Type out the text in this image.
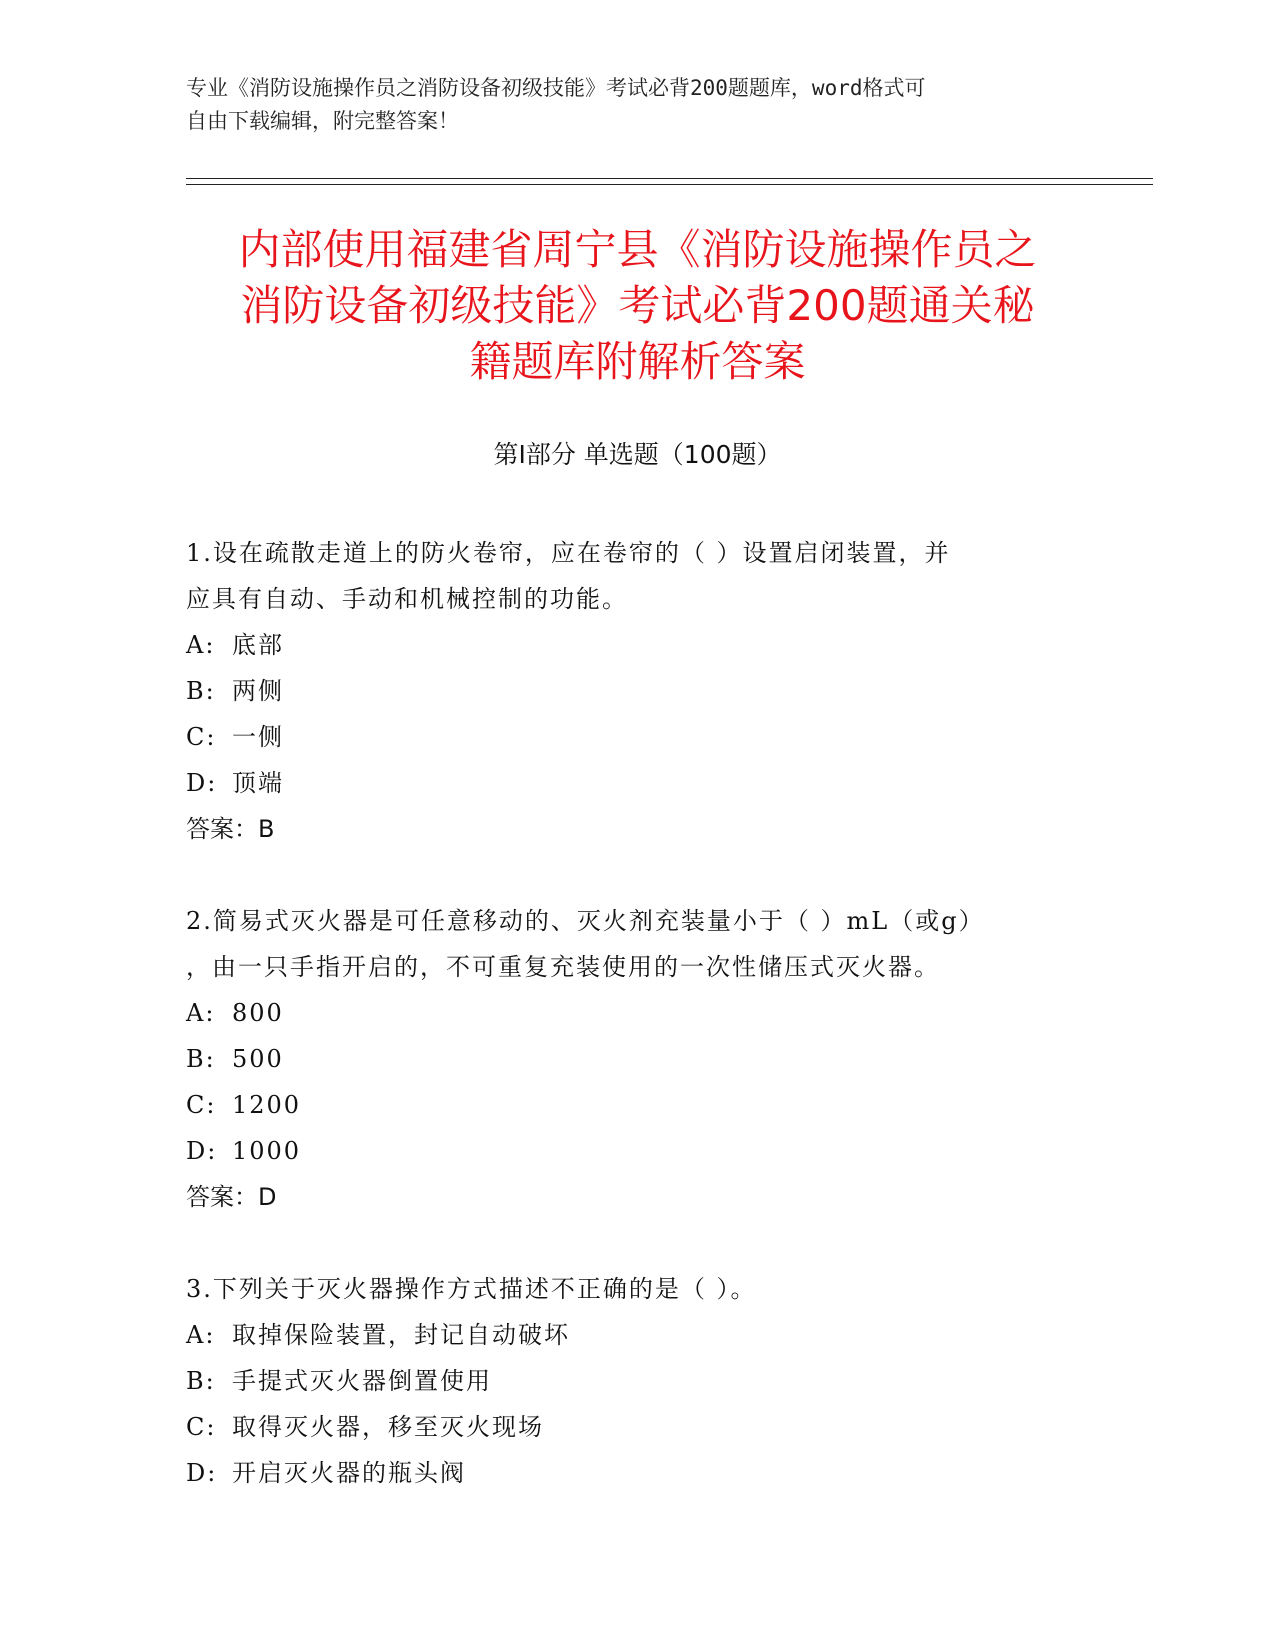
专业《消防设施操作员之消防设备初级技能》考试必背200题题库，word格式可
自由下载编辑，附完整答案！
内部使用福建省周宁县《消防设施操作员之
消防设备初级技能》考试必背200题通关秘
籍题库附解析答案
第Ⅰ部分 单选题（100题）
1.设在疏散走道上的防火卷帘，应在卷帘的（ ）设置启闭装置，并
应具有自动、手动和机械控制的功能。
A: 底部
B: 两侧
C: 一侧
D: 顶端
答案：B
2.简易式灭火器是可任意移动的、灭火剂充装量小于（ ）mL（或g）
，由一只手指开启的，不可重复充装使用的一次性储压式灭火器。
A: 800
B: 500
C: 1200
D: 1000
答案：D
3.下列关于灭火器操作方式描述不正确的是（ ）。
A: 取掉保险装置，封记自动破坏
B: 手提式灭火器倒置使用
C: 取得灭火器，移至灭火现场
D: 开启灭火器的瓶头阀
